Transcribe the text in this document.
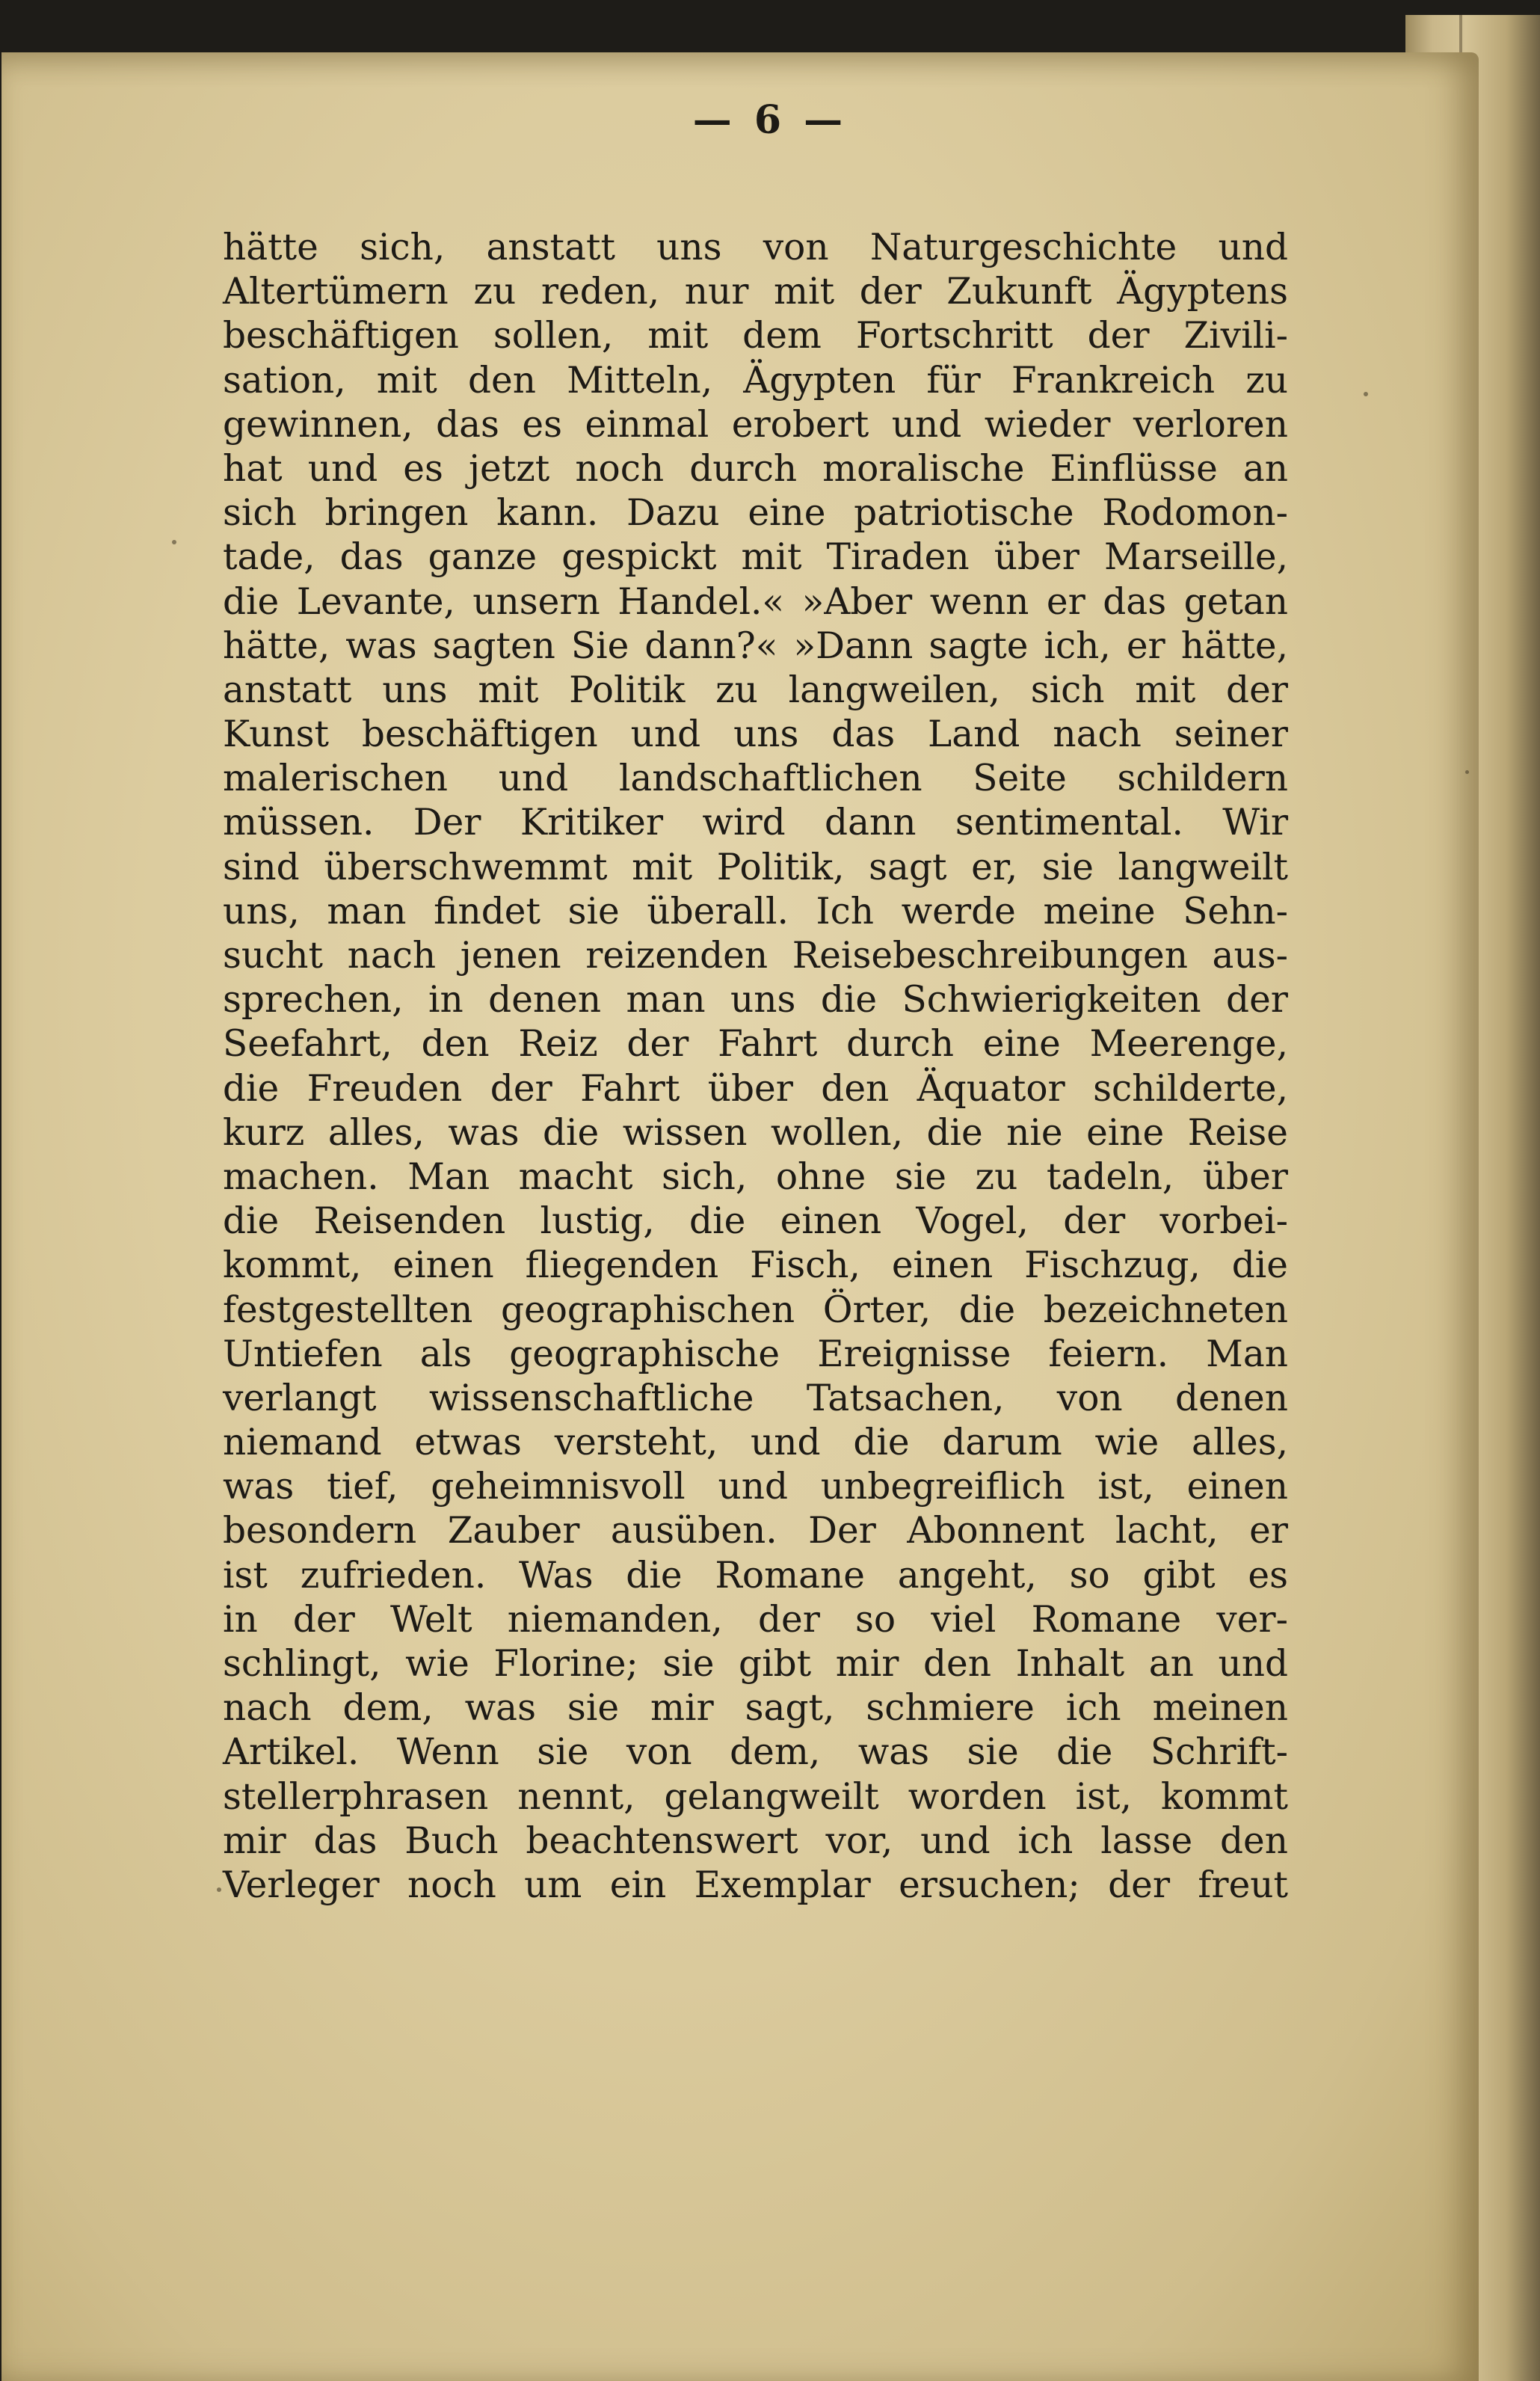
— 6 —
hätte sich, anstatt uns von Naturgeschichte und
Altertümern zu reden, nur mit der Zukunft Ägyptens
beschäftigen sollen, mit dem Fortschritt der Zivili-
sation, mit den Mitteln, Ägypten für Frankreich zu
gewinnen, das es einmal erobert und wieder verloren
hat und es jetzt noch durch moralische Einflüsse an
sich bringen kann. Dazu eine patriotische Rodomon-
tade, das ganze gespickt mit Tiraden über Marseille,
die Levante, unsern Handel.« »Aber wenn er das getan
hätte, was sagten Sie dann?« »Dann sagte ich, er hätte,
anstatt uns mit Politik zu langweilen, sich mit der
Kunst beschäftigen und uns das Land nach seiner
malerischen und landschaftlichen Seite schildern
müssen. Der Kritiker wird dann sentimental. Wir
sind überschwemmt mit Politik, sagt er, sie langweilt
uns, man findet sie überall. Ich werde meine Sehn-
sucht nach jenen reizenden Reisebeschreibungen aus-
sprechen, in denen man uns die Schwierigkeiten der
Seefahrt, den Reiz der Fahrt durch eine Meerenge,
die Freuden der Fahrt über den Äquator schilderte,
kurz alles, was die wissen wollen, die nie eine Reise
machen. Man macht sich, ohne sie zu tadeln, über
die Reisenden lustig, die einen Vogel, der vorbei-
kommt, einen fliegenden Fisch, einen Fischzug, die
festgestellten geographischen Örter, die bezeichneten
Untiefen als geographische Ereignisse feiern. Man
verlangt wissenschaftliche Tatsachen, von denen
niemand etwas versteht, und die darum wie alles,
was tief, geheimnisvoll und unbegreiflich ist, einen
besondern Zauber ausüben. Der Abonnent lacht, er
ist zufrieden. Was die Romane angeht, so gibt es
in der Welt niemanden, der so viel Romane ver-
schlingt, wie Florine; sie gibt mir den Inhalt an und
nach dem, was sie mir sagt, schmiere ich meinen
Artikel. Wenn sie von dem, was sie die Schrift-
stellerphrasen nennt, gelangweilt worden ist, kommt
mir das Buch beachtenswert vor, und ich lasse den
Verleger noch um ein Exemplar ersuchen; der freut
